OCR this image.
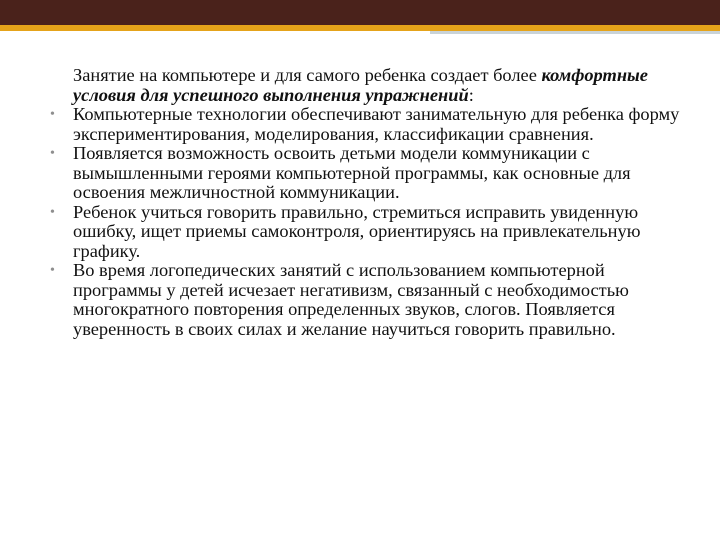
Занятие на компьютере и для самого ребенка создает более комфортные условия для успешного выполнения упражнений:

• Компьютерные технологии обеспечивают занимательную для ребенка форму экспериментирования, моделирования, классификации сравнения.

• Появляется возможность освоить детьми модели коммуникации с вымышленными героями компьютерной программы, как основные для освоения межличностной коммуникации.

• Ребенок учиться говорить правильно, стремиться исправить увиденную ошибку, ищет приемы самоконтроля, ориентируясь на привлекательную графику.

• Во время логопедических занятий с использованием компьютерной программы у детей исчезает негативизм, связанный с необходимостью многократного повторения определенных звуков, слогов. Появляется уверенность в своих силах и желание научиться говорить правильно.
